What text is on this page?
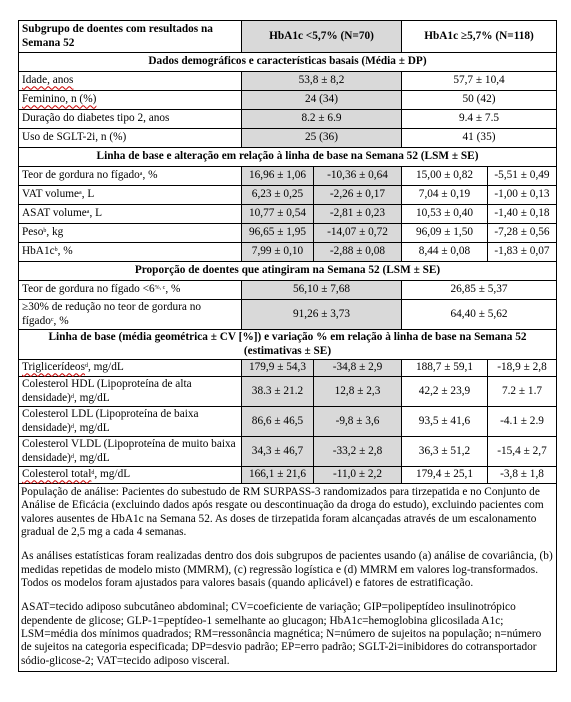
Subgrupo de doentes com resultados na Semana 52	HbA1c <5,7% (N=70)		HbA1c ≥5,7% (N=118)	
Dados demográficos e características basais (Média ± DP)				
Idade, anos	53,8 ± 8,2		57,7 ± 10,4	
Feminino, n (%)	24 (34)		50 (42)	
Duração do diabetes tipo 2, anos	8.2 ± 6.9		9.4 ± 7.5	
Uso de SGLT-2i, n (%)	25 (36)		41 (35)	
Linha de base e alteração em relação à linha de base na Semana 52 (LSM ± SE)				
Teor de gordura no fígado$^a$, %	16,96 ± 1,06	-10,36 ± 0,64	15,00 ± 0,82	-5,51 ± 0,49
VAT volume$^a$, L	6,23 ± 0,25	-2,26 ± 0,17	7,04 ± 0,19	-1,00 ± 0,13
ASAT volume$^a$, L	10,77 ± 0,54	-2,81 ± 0,23	10,53 ± 0,40	-1,40 ± 0,18
Peso$^b$, kg	96,65 ± 1,95	-14,07 ± 0,72	96,09 ± 1,50	-7,28 ± 0,56
$HbA1c^b$, %	7,99 ± 0,10	-2,88 ± 0,08	8,44 ± 0,08	-1,83 ± 0,07
Proporção de doentes que atingiram na Semana 52 (LSM ± SE)				
Teor de gordura no fígado $<6^{\%, c}$, %	56,10 ± 7,68		26,85 ± 5,37	
≥30% de redução no teor de gordura no fígado$^c$, %	91,26 ± 3,73		64,40 ± 5,62	
Linha de base (média geométrica ± CV [%]) e variação % em relação à linha de base na Semana 52 (estimativas ± SE)				
Triglicerídeos$^d$, mg/dL	179,9 ± 54,3	-34,8 ± 2,9	188,7 ± 59,1	-18,9 ± 2,8
Colesterol HDL (Lipoproteína de alta densidade)$^d$, mg/dL	38.3 ± 21.2	12,8 ± 2,3	42,2 ± 23,9	7.2 ± 1.7
Colesterol LDL (Lipoproteína de baixa densidade)$^d$, mg/dL	86,6 ± 46,5	-9,8 ± 3,6	93,5 ± 41,6	-4.1 ± 2.9
Colesterol VLDL (Lipoproteína de muito baixa densidade)$^d$, mg/dL	34,3 ± 46,7	-33,2 ± 2,8	36,3 ± 51,2	-15,4 ± 2,7
Colesterol total$^d$, mg/dL	166,1 ± 21,6	-11,0 ± 2,2	179,4 ± 25,1	-3,8 ± 1,8

População de análise: Pacientes do subestudo de RM SURPASS-3 randomizados para tirzepatida e no Conjunto de Análise de Eficácia (excluindo dados após resgate ou descontinuação da droga do estudo), excluindo pacientes com valores ausentes de HbA1c na Semana 52. As doses de tirzepatida foram alcançadas através de um escalonamento gradual de 2,5 mg a cada 4 semanas.

As análises estatísticas foram realizadas dentro dos dois subgrupos de pacientes usando (a) análise de covariância, (b) medidas repetidas de modelo misto (MMRM), (c) regressão logística e (d) MMRM em valores log-transformados. Todos os modelos foram ajustados para valores basais (quando aplicável) e fatores de estratificação.

ASAT=tecido adiposo subcutâneo abdominal; CV=coeficiente de variação; GIP=polipeptídeo insulinotrópico dependente de glicose; GLP-1=peptídeo-1 semelhante ao glucagon; HbA1c=hemoglobina glicosilada A1c; LSM=média dos mínimos quadrados; RM=ressonância magnética; N=número de sujeitos na população; n=número de sujeitos na categoria especificada; DP=desvio padrão; EP=erro padrão; SGLT-2i=inibidores do cotransportador sódio-glicose-2; VAT=tecido adiposo visceral.				
